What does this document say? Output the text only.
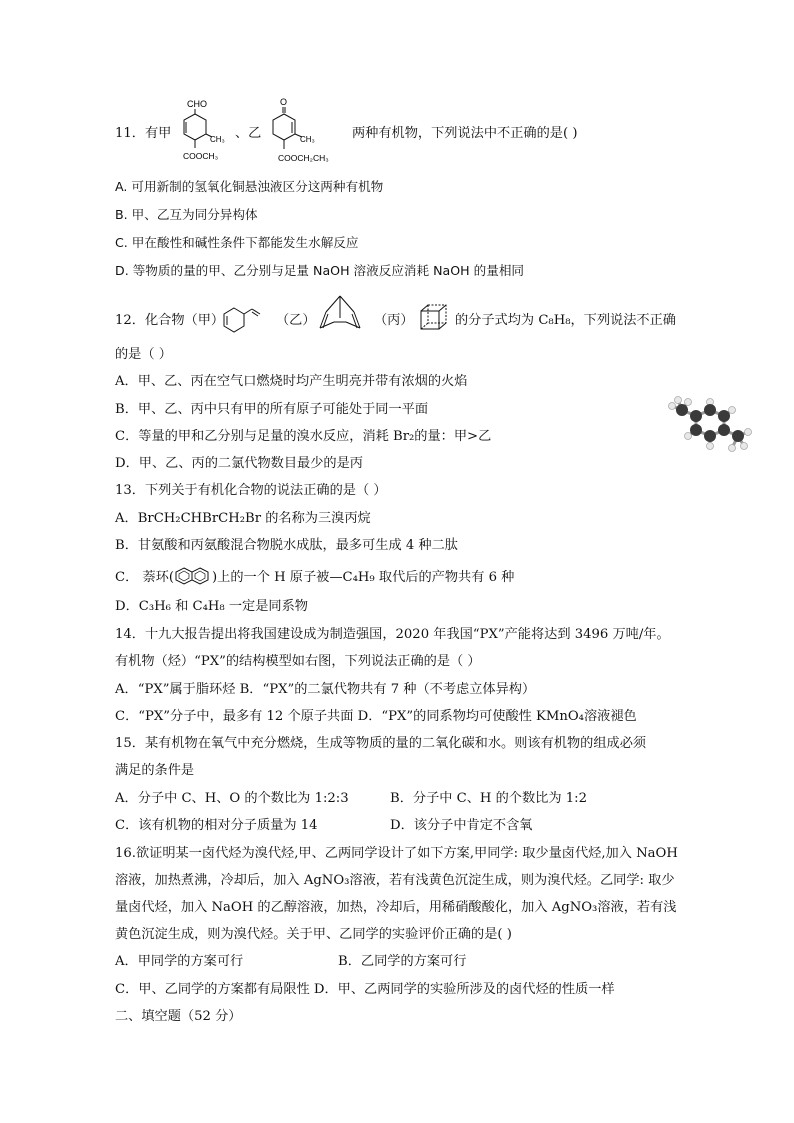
11．有甲
CHO
CH₃
COOCH₃
、乙
O
CH₃
COOCH₂CH₃
两种有机物，下列说法中不正确的是( )
A. 可用新制的氢氧化铜悬浊液区分这两种有机物
B. 甲、乙互为同分异构体
C. 甲在酸性和碱性条件下都能发生水解反应
D. 等物质的量的甲、乙分别与足量 NaOH 溶液反应消耗 NaOH 的量相同
12．化合物（甲）	（乙）	（丙）	的分子式均为 C₈H₈，下列说法不正确
的是（ ）
A．甲、乙、丙在空气口燃烧时均产生明亮并带有浓烟的火焰
B．甲、乙、丙中只有甲的所有原子可能处于同一平面
C．等量的甲和乙分别与足量的溴水反应，消耗 Br₂的量：甲>乙
D．甲、乙、丙的二氯代物数目最少的是丙
13．下列关于有机化合物的说法正确的是（ ）
A．BrCH₂CHBrCH₂Br 的名称为三溴丙烷
B．甘氨酸和丙氨酸混合物脱水成肽，最多可生成 4 种二肽
C． 萘环(	)上的一个 H 原子被—C₄H₉ 取代后的产物共有 6 种
D．C₃H₆ 和 C₄H₈ 一定是同系物
14．十九大报告提出将我国建设成为制造强国，2020 年我国“PX”产能将达到 3496 万吨/年。
有机物（烃）“PX”的结构模型如右图，下列说法正确的是（ ）
A．“PX”属于脂环烃 B．“PX”的二氯代物共有 7 种（不考虑立体异构）
C．“PX”分子中，最多有 12 个原子共面 D．“PX”的同系物均可使酸性 KMnO₄溶液褪色
15．某有机物在氧气中充分燃烧，生成等物质的量的二氧化碳和水。则该有机物的组成必须
满足的条件是
A．分子中 C、H、O 的个数比为 1:2:3	B．分子中 C、H 的个数比为 1:2
C．该有机物的相对分子质量为 14	D．该分子中肯定不含氧
16.欲证明某一卤代烃为溴代烃,甲、乙两同学设计了如下方案,甲同学: 取少量卤代烃,加入 NaOH
溶液，加热煮沸，冷却后，加入 AgNO₃溶液，若有浅黄色沉淀生成，则为溴代烃。乙同学: 取少
量卤代烃，加入 NaOH 的乙醇溶液，加热，冷却后，用稀硝酸酸化，加入 AgNO₃溶液，若有浅
黄色沉淀生成，则为溴代烃。关于甲、乙同学的实验评价正确的是( )
A．甲同学的方案可行	B．乙同学的方案可行
C．甲、乙同学的方案都有局限性 D．甲、乙两同学的实验所涉及的卤代烃的性质一样
二、填空题（52 分）
